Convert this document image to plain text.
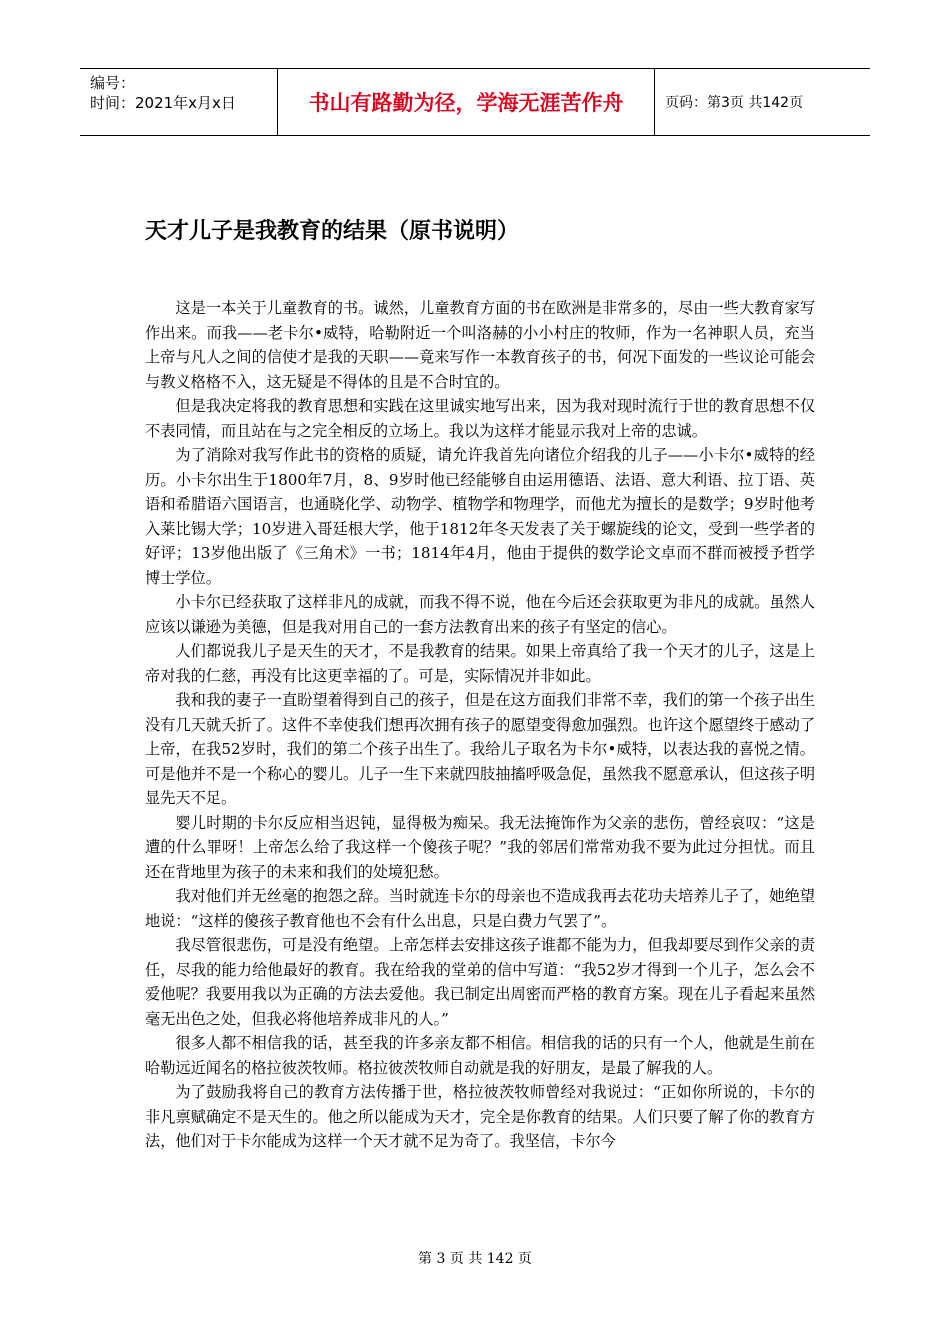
编号：
时间：2021年x月x日	书山有路勤为径，学海无涯苦作舟	页码：第3页 共142页
天才儿子是我教育的结果（原书说明）

这是一本关于儿童教育的书。诚然，儿童教育方面的书在欧洲是非常多的，尽由一些大教育家写作出来。而我——老卡尔•威特，哈勒附近一个叫洛赫的小小村庄的牧师，作为一名神职人员，充当上帝与凡人之间的信使才是我的天职——竟来写作一本教育孩子的书，何况下面发的一些议论可能会与教义格格不入，这无疑是不得体的且是不合时宜的。

但是我决定将我的教育思想和实践在这里诚实地写出来，因为我对现时流行于世的教育思想不仅不表同情，而且站在与之完全相反的立场上。我以为这样才能显示我对上帝的忠诚。

为了消除对我写作此书的资格的质疑，请允许我首先向诸位介绍我的儿子——小卡尔•威特的经历。小卡尔出生于1800年7月，8、9岁时他已经能够自由运用德语、法语、意大利语、拉丁语、英语和希腊语六国语言，也通晓化学、动物学、植物学和物理学，而他尤为擅长的是数学；9岁时他考入莱比锡大学；10岁进入哥廷根大学，他于1812年冬天发表了关于螺旋线的论文，受到一些学者的好评；13岁他出版了《三角术》一书；1814年4月，他由于提供的数学论文卓而不群而被授予哲学博士学位。

小卡尔已经获取了这样非凡的成就，而我不得不说，他在今后还会获取更为非凡的成就。虽然人应该以谦逊为美德，但是我对用自己的一套方法教育出来的孩子有坚定的信心。

人们都说我儿子是天生的天才，不是我教育的结果。如果上帝真给了我一个天才的儿子，这是上帝对我的仁慈，再没有比这更幸福的了。可是，实际情况并非如此。

我和我的妻子一直盼望着得到自己的孩子，但是在这方面我们非常不幸，我们的第一个孩子出生没有几天就夭折了。这件不幸使我们想再次拥有孩子的愿望变得愈加强烈。也许这个愿望终于感动了上帝，在我52岁时，我们的第二个孩子出生了。我给儿子取名为卡尔•威特，以表达我的喜悦之情。可是他并不是一个称心的婴儿。儿子一生下来就四肢抽搐呼吸急促，虽然我不愿意承认，但这孩子明显先天不足。

婴儿时期的卡尔反应相当迟钝，显得极为痴呆。我无法掩饰作为父亲的悲伤，曾经哀叹：“这是遭的什么罪呀！上帝怎么给了我这样一个傻孩子呢？”我的邻居们常常劝我不要为此过分担忧。而且还在背地里为孩子的未来和我们的处境犯愁。

我对他们并无丝毫的抱怨之辞。当时就连卡尔的母亲也不造成我再去花功夫培养儿子了，她绝望地说：“这样的傻孩子教育他也不会有什么出息，只是白费力气罢了”。

我尽管很悲伤，可是没有绝望。上帝怎样去安排这孩子谁都不能为力，但我却要尽到作父亲的责任，尽我的能力给他最好的教育。我在给我的堂弟的信中写道：“我52岁才得到一个儿子，怎么会不爱他呢？我要用我以为正确的方法去爱他。我已制定出周密而严格的教育方案。现在儿子看起来虽然毫无出色之处，但我必将他培养成非凡的人。”

很多人都不相信我的话，甚至我的许多亲友都不相信。相信我的话的只有一个人，他就是生前在哈勒远近闻名的格拉彼茨牧师。格拉彼茨牧师自动就是我的好朋友，是最了解我的人。

为了鼓励我将自己的教育方法传播于世，格拉彼茨牧师曾经对我说过：“正如你所说的，卡尔的非凡禀赋确定不是天生的。他之所以能成为天才，完全是你教育的结果。人们只要了解了你的教育方法，他们对于卡尔能成为这样一个天才就不足为奇了。我坚信，卡尔今

第 3 页 共 142 页
